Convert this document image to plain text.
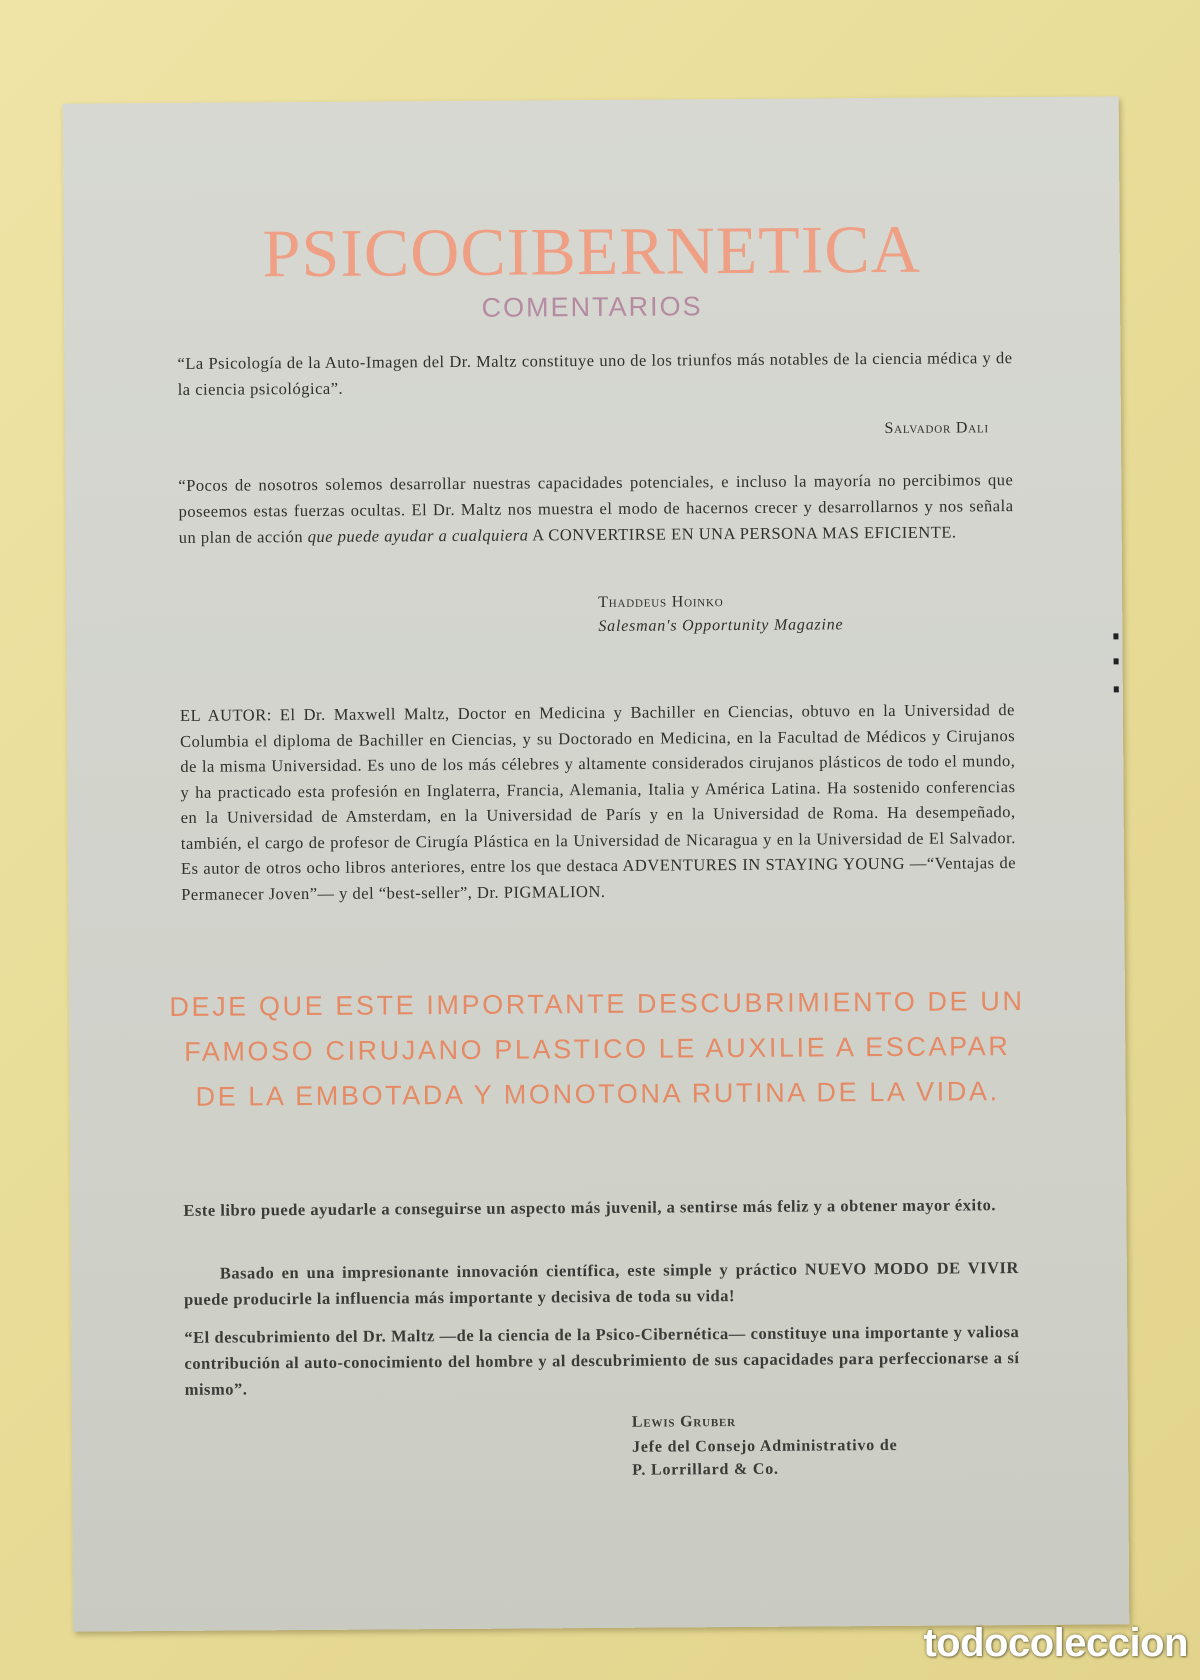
PSICOCIBERNETICA
COMENTARIOS

“La Psicología de la Auto-Imagen del Dr. Maltz constituye uno de los triunfos más notables de la ciencia médica y de la ciencia psicológica”.

Salvador Dali

“Pocos de nosotros solemos desarrollar nuestras capacidades potenciales, e incluso la mayoría no percibimos que poseemos estas fuerzas ocultas. El Dr. Maltz nos muestra el modo de hacernos crecer y desarrollarnos y nos señala un plan de acción que puede ayudar a cualquiera A CONVERTIRSE EN UNA PERSONA MAS EFICIENTE.

Thaddeus Hoinko
Salesman's Opportunity Magazine

EL AUTOR: El Dr. Maxwell Maltz, Doctor en Medicina y Bachiller en Ciencias, obtuvo en la Universidad de Columbia el diploma de Bachiller en Ciencias, y su Doctorado en Medicina, en la Facultad de Médicos y Cirujanos de la misma Universidad. Es uno de los más célebres y altamente considerados cirujanos plásticos de todo el mundo, y ha practicado esta profesión en Inglaterra, Francia, Alemania, Italia y América Latina. Ha sostenido conferencias en la Universidad de Amsterdam, en la Universidad de París y en la Universidad de Roma. Ha desempeñado, también, el cargo de profesor de Cirugía Plástica en la Universidad de Nicaragua y en la Universidad de El Salvador. Es autor de otros ocho libros anteriores, entre los que destaca ADVENTURES IN STAYING YOUNG —“Ventajas de Permanecer Joven”— y del “best-seller”, Dr. PIGMALION.

DEJE QUE ESTE IMPORTANTE DESCUBRIMIENTO DE UN FAMOSO CIRUJANO PLASTICO LE AUXILIE A ESCAPAR DE LA EMBOTADA Y MONOTONA RUTINA DE LA VIDA.

Este libro puede ayudarle a conseguirse un aspecto más juvenil, a sentirse más feliz y a obtener mayor éxito.

Basado en una impresionante innovación científica, este simple y práctico NUEVO MODO DE VIVIR puede producirle la influencia más importante y decisiva de toda su vida!

“El descubrimiento del Dr. Maltz —de la ciencia de la Psico-Cibernética— constituye una importante y valiosa contribución al auto-conocimiento del hombre y al descubrimiento de sus capacidades para perfeccionarse a sí mismo”.

Lewis Gruber
Jefe del Consejo Administrativo de
P. Lorrillard & Co.
todocoleccion
